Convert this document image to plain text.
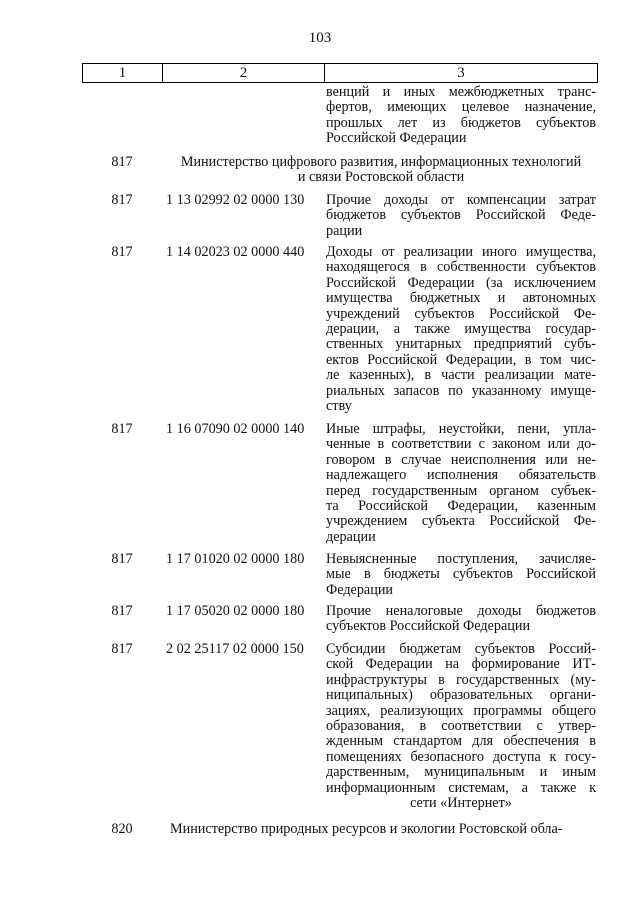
103
1	2	3
венций и иных межбюджетных транс-
фертов, имеющих целевое назначение,
прошлых лет из бюджетов субъектов
Российской Федерации
817	Министерство цифрового развития, информационных технологий
и связи Ростовской области
817	1 13 02992 02 0000 130	Прочие доходы от компенсации затрат
бюджетов субъектов Российской Феде-
рации
817	1 14 02023 02 0000 440	Доходы от реализации иного имущества,
находящегося в собственности субъектов
Российской Федерации (за исключением
имущества бюджетных и автономных
учреждений субъектов Российской Фе-
дерации, а также имущества государ-
ственных унитарных предприятий субъ-
ектов Российской Федерации, в том чис-
ле казенных), в части реализации мате-
риальных запасов по указанному имуще-
ству
817	1 16 07090 02 0000 140	Иные штрафы, неустойки, пени, упла-
ченные в соответствии с законом или до-
говором в случае неисполнения или не-
надлежащего исполнения обязательств
перед государственным органом субъек-
та Российской Федерации, казенным
учреждением субъекта Российской Фе-
дерации
817	1 17 01020 02 0000 180	Невыясненные поступления, зачисляе-
мые в бюджеты субъектов Российской
Федерации
817	1 17 05020 02 0000 180	Прочие неналоговые доходы бюджетов
субъектов Российской Федерации
817	2 02 25117 02 0000 150	Субсидии бюджетам субъектов Россий-
ской Федерации на формирование ИТ-
инфраструктуры в государственных (му-
ниципальных) образовательных органи-
зациях, реализующих программы общего
образования, в соответствии с утвер-
жденным стандартом для обеспечения в
помещениях безопасного доступа к госу-
дарственным, муниципальным и иным
информационным системам, а также к
сети «Интернет»
820	Министерство природных ресурсов и экологии Ростовской обла-
